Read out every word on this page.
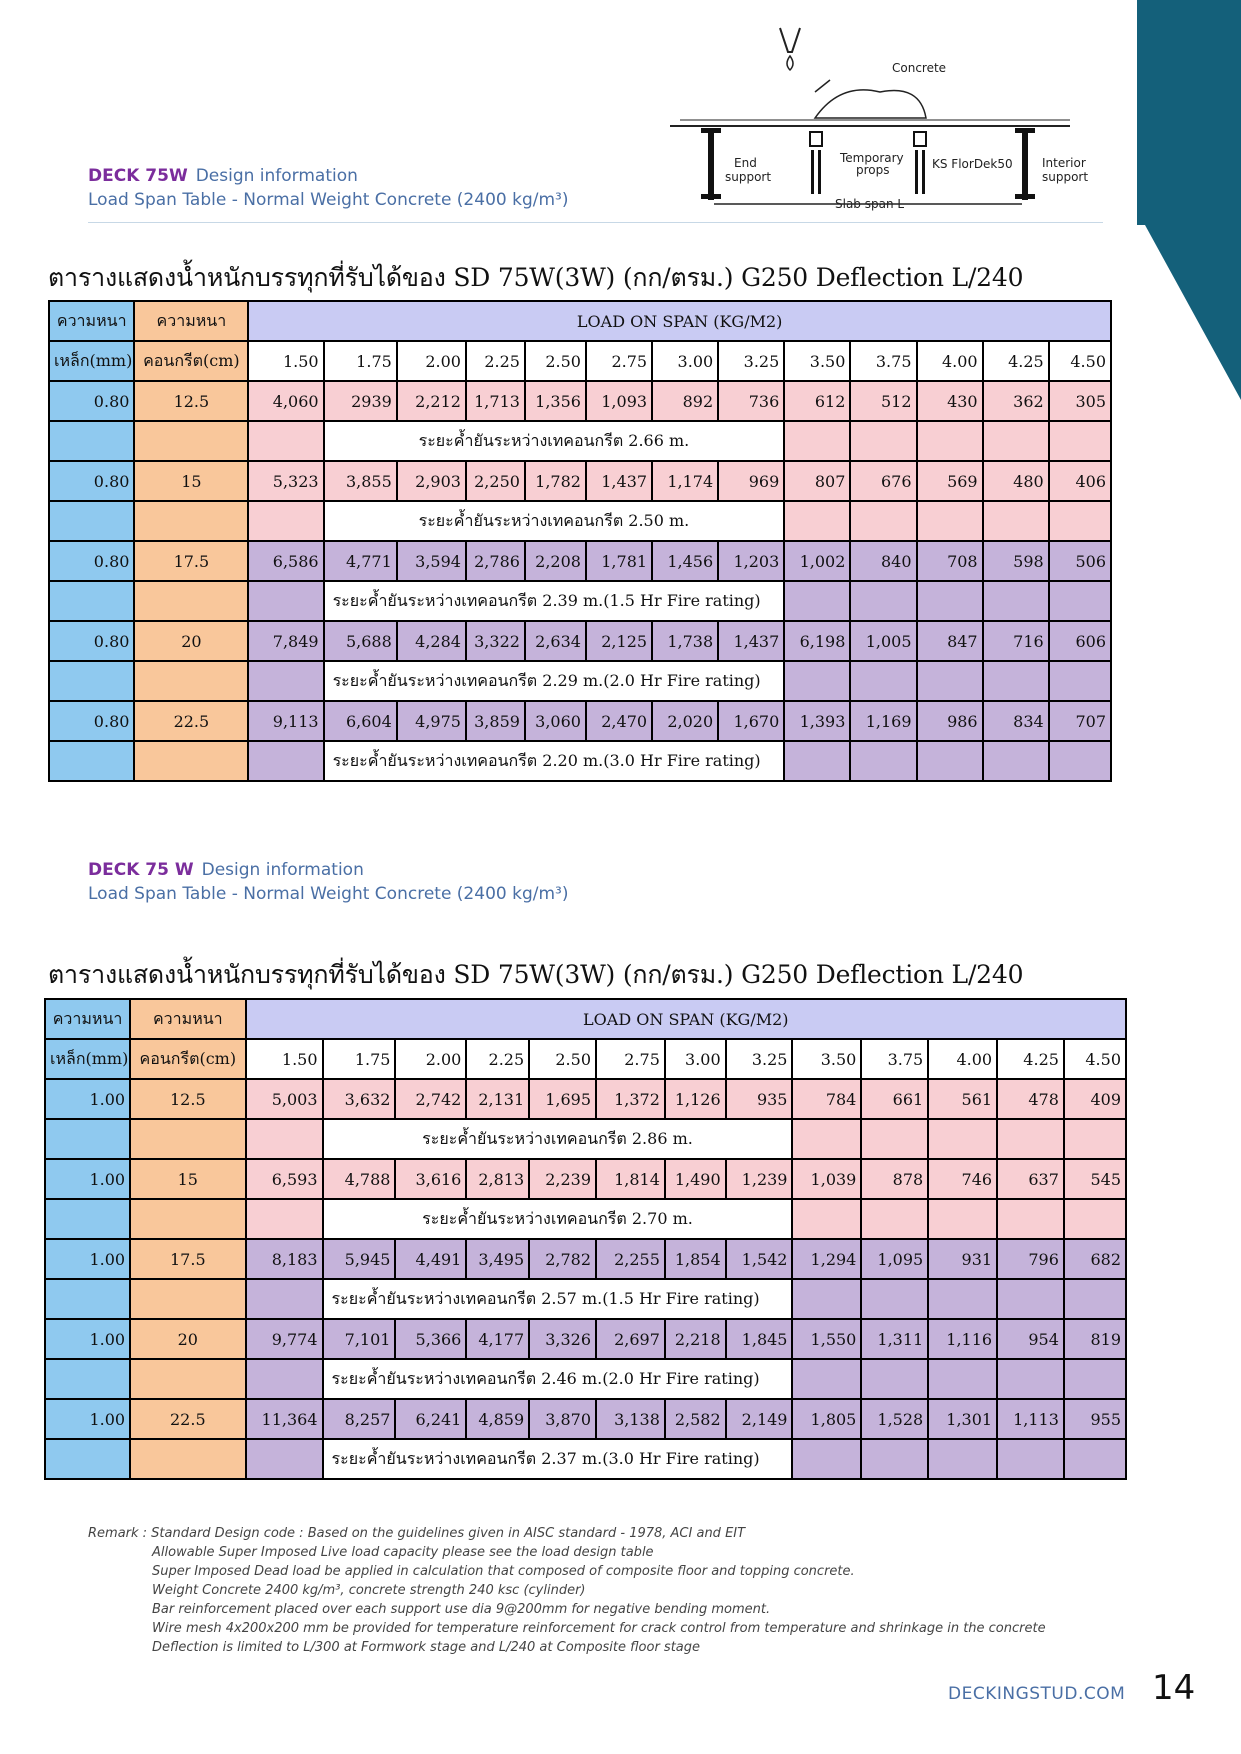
DECK 75W Design information
Load Span Table - Normal Weight Concrete (2400 kg/m³)
Concrete
End
support
Temporary
props	KS FlorDek50 Interior
support
Slab span L
ตารางแสดงน้ำหนักบรรทุกที่รับได้ของ SD 75W(3W) (กก/ตรม.) G250 Deflection L/240
ความหนา	ความหนา	LOAD ON SPAN (KG/M2)												
เหล็ก(mm)	คอนกรีต(cm)	1.50	1.75	2.00	2.25	2.50	2.75	3.00	3.25	3.50	3.75	4.00	4.25	4.50
0.80	12.5	4,060	2939	2,212	1,713	1,356	1,093	892	736	612	512	430	362	305
			ระยะค้ำยันระหว่างเทคอนกรีต 2.66 m.											
0.80	15	5,323	3,855	2,903	2,250	1,782	1,437	1,174	969	807	676	569	480	406
			ระยะค้ำยันระหว่างเทคอนกรีต 2.50 m.											
0.80	17.5	6,586	4,771	3,594	2,786	2,208	1,781	1,456	1,203	1,002	840	708	598	506
			ระยะค้ำยันระหว่างเทคอนกรีต 2.39 m.(1.5 Hr Fire rating)											
0.80	20	7,849	5,688	4,284	3,322	2,634	2,125	1,738	1,437	6,198	1,005	847	716	606
			ระยะค้ำยันระหว่างเทคอนกรีต 2.29 m.(2.0 Hr Fire rating)											
0.80	22.5	9,113	6,604	4,975	3,859	3,060	2,470	2,020	1,670	1,393	1,169	986	834	707
			ระยะค้ำยันระหว่างเทคอนกรีต 2.20 m.(3.0 Hr Fire rating)											
DECK 75 W Design information
Load Span Table - Normal Weight Concrete (2400 kg/m³)
ตารางแสดงน้ำหนักบรรทุกที่รับได้ของ SD 75W(3W) (กก/ตรม.) G250 Deflection L/240
ความหนา	ความหนา	LOAD ON SPAN (KG/M2)												
เหล็ก(mm)	คอนกรีต(cm)	1.50	1.75	2.00	2.25	2.50	2.75	3.00	3.25	3.50	3.75	4.00	4.25	4.50
1.00	12.5	5,003	3,632	2,742	2,131	1,695	1,372	1,126	935	784	661	561	478	409
			ระยะค้ำยันระหว่างเทคอนกรีต 2.86 m.											
1.00	15	6,593	4,788	3,616	2,813	2,239	1,814	1,490	1,239	1,039	878	746	637	545
			ระยะค้ำยันระหว่างเทคอนกรีต 2.70 m.											
1.00	17.5	8,183	5,945	4,491	3,495	2,782	2,255	1,854	1,542	1,294	1,095	931	796	682
			ระยะค้ำยันระหว่างเทคอนกรีต 2.57 m.(1.5 Hr Fire rating)											
1.00	20	9,774	7,101	5,366	4,177	3,326	2,697	2,218	1,845	1,550	1,311	1,116	954	819
			ระยะค้ำยันระหว่างเทคอนกรีต 2.46 m.(2.0 Hr Fire rating)											
1.00	22.5	11,364	8,257	6,241	4,859	3,870	3,138	2,582	2,149	1,805	1,528	1,301	1,113	955
			ระยะค้ำยันระหว่างเทคอนกรีต 2.37 m.(3.0 Hr Fire rating)											
Remark : Standard Design code : Based on the guidelines given in AISC standard - 1978, ACI and EIT
Allowable Super Imposed Live load capacity please see the load design table
Super Imposed Dead load be applied in calculation that composed of composite floor and topping concrete.
Weight Concrete 2400 kg/m³, concrete strength 240 ksc (cylinder)
Bar reinforcement placed over each support use dia 9@200mm for negative bending moment.
Wire mesh 4x200x200 mm be provided for temperature reinforcement for crack control from temperature and shrinkage in the concrete
Deflection is limited to L/300 at Formwork stage and L/240 at Composite floor stage
DECKINGSTUD.COM 14
